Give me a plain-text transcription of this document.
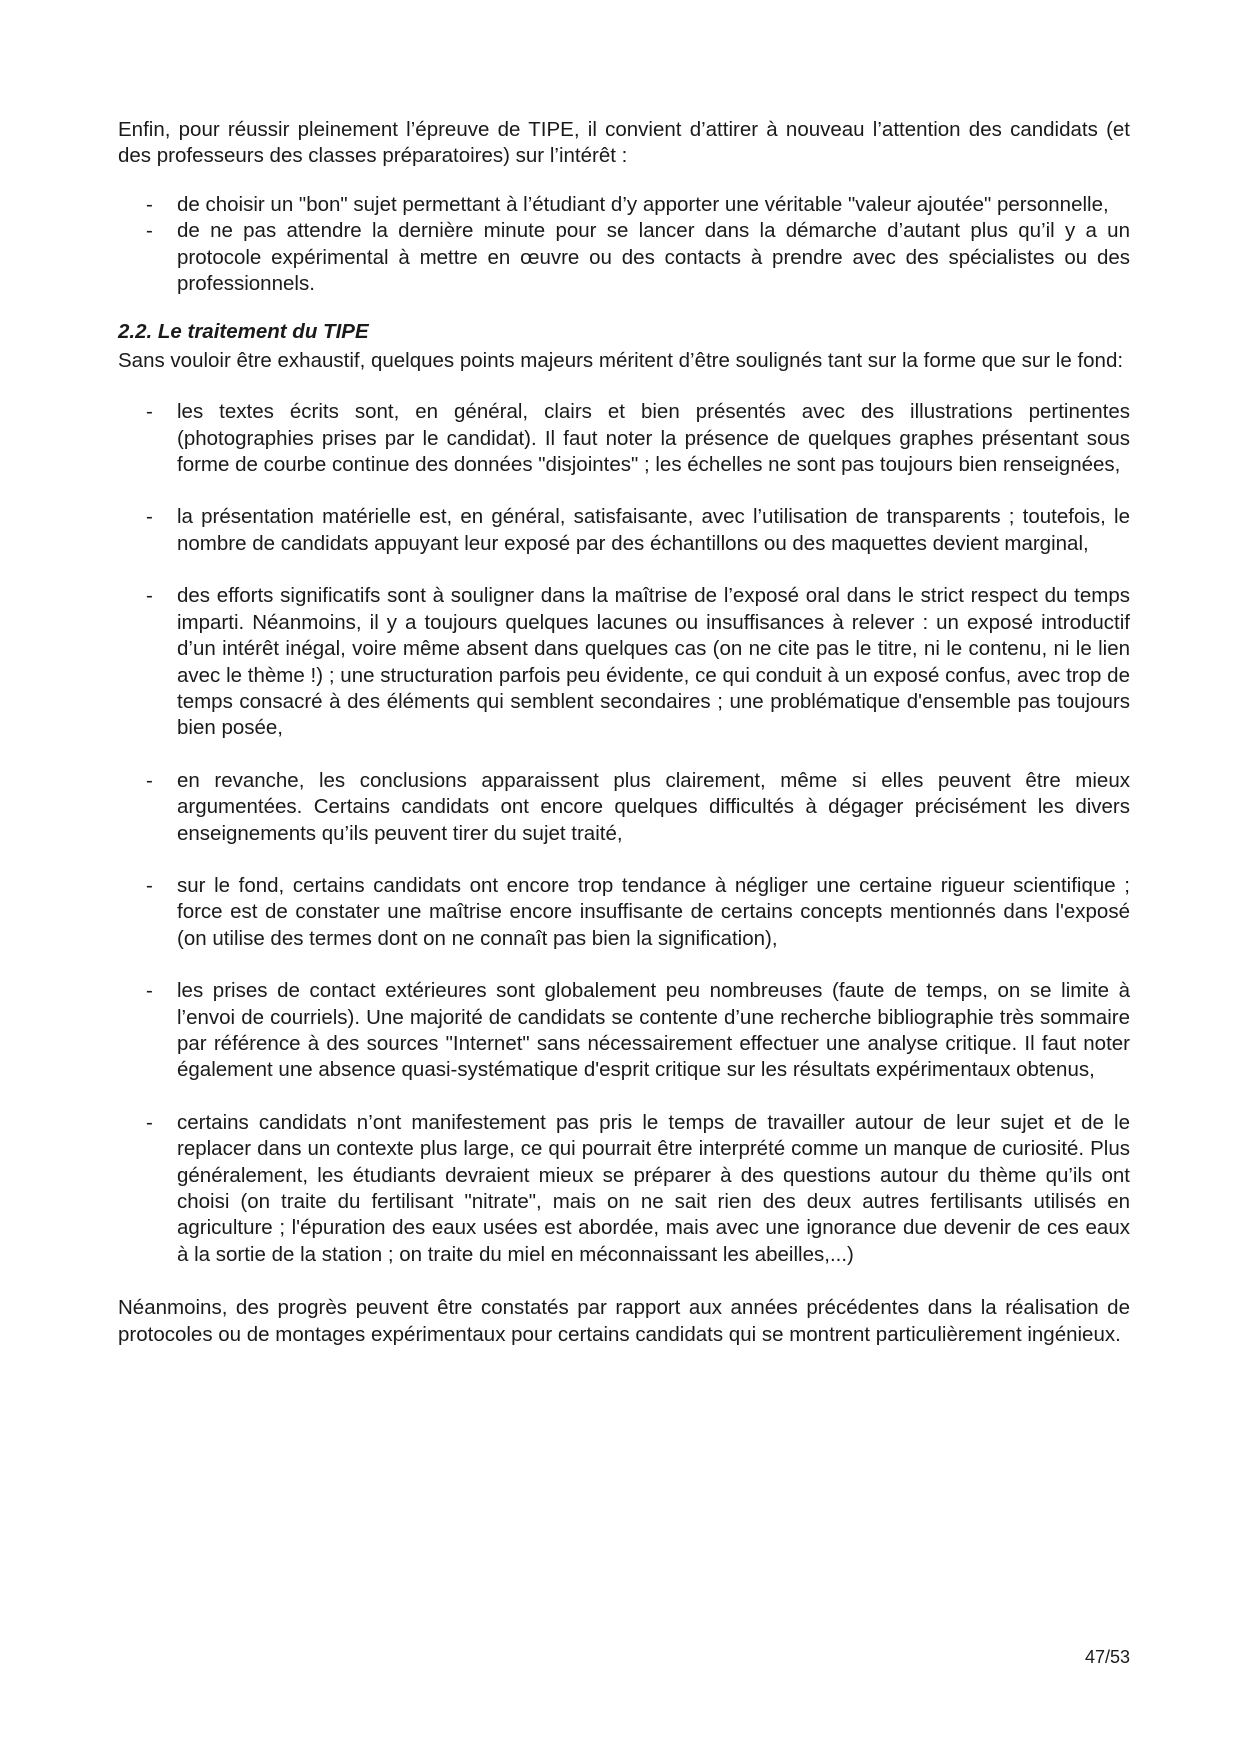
Enfin, pour réussir pleinement l’épreuve de TIPE, il convient d’attirer à nouveau l’attention des candidats (et des professeurs des classes préparatoires) sur l’intérêt :

- de choisir un "bon" sujet permettant à l’étudiant d’y apporter une véritable "valeur ajoutée" personnelle,
- de ne pas attendre la dernière minute pour se lancer dans la démarche d’autant plus qu’il y a un protocole expérimental à mettre en œuvre ou des contacts à prendre avec des spécialistes ou des professionnels.
2.2. Le traitement du TIPE

Sans vouloir être exhaustif, quelques points majeurs méritent d’être soulignés tant sur la forme que sur le fond:

- les textes écrits sont, en général, clairs et bien présentés avec des illustrations pertinentes (photographies prises par le candidat). Il faut noter la présence de quelques graphes présentant sous forme de courbe continue des données "disjointes" ; les échelles ne sont pas toujours bien renseignées,
- la présentation matérielle est, en général, satisfaisante, avec l’utilisation de transparents ; toutefois, le nombre de candidats appuyant leur exposé par des échantillons ou des maquettes devient marginal,
- des efforts significatifs sont à souligner dans la maîtrise de l’exposé oral dans le strict respect du temps imparti. Néanmoins, il y a toujours quelques lacunes ou insuffisances à relever : un exposé introductif d’un intérêt inégal, voire même absent dans quelques cas (on ne cite pas le titre, ni le contenu, ni le lien avec le thème !) ; une structuration parfois peu évidente, ce qui conduit à un exposé confus, avec trop de temps consacré à des éléments qui semblent secondaires ; une problématique d'ensemble pas toujours bien posée,
- en revanche, les conclusions apparaissent plus clairement, même si elles peuvent être mieux argumentées. Certains candidats ont encore quelques difficultés à dégager précisément les divers enseignements qu’ils peuvent tirer du sujet traité,
- sur le fond, certains candidats ont encore trop tendance à négliger une certaine rigueur scientifique ; force est de constater une maîtrise encore insuffisante de certains concepts mentionnés dans l'exposé (on utilise des termes dont on ne connaît pas bien la signification),
- les prises de contact extérieures sont globalement peu nombreuses (faute de temps, on se limite à l’envoi de courriels). Une majorité de candidats se contente d’une recherche bibliographie très sommaire par référence à des sources "Internet" sans nécessairement effectuer une analyse critique. Il faut noter également une absence quasi-systématique d'esprit critique sur les résultats expérimentaux obtenus,
- certains candidats n’ont manifestement pas pris le temps de travailler autour de leur sujet et de le replacer dans un contexte plus large, ce qui pourrait être interprété comme un manque de curiosité. Plus généralement, les étudiants devraient mieux se préparer à des questions autour du thème qu’ils ont choisi (on traite du fertilisant "nitrate", mais on ne sait rien des deux autres fertilisants utilisés en agriculture ; l'épuration des eaux usées est abordée, mais avec une ignorance due devenir de ces eaux à la sortie de la station ; on traite du miel en méconnaissant les abeilles,...)

Néanmoins, des progrès peuvent être constatés par rapport aux années précédentes dans la réalisation de protocoles ou de montages expérimentaux pour certains candidats qui se montrent particulièrement ingénieux.

47/53
